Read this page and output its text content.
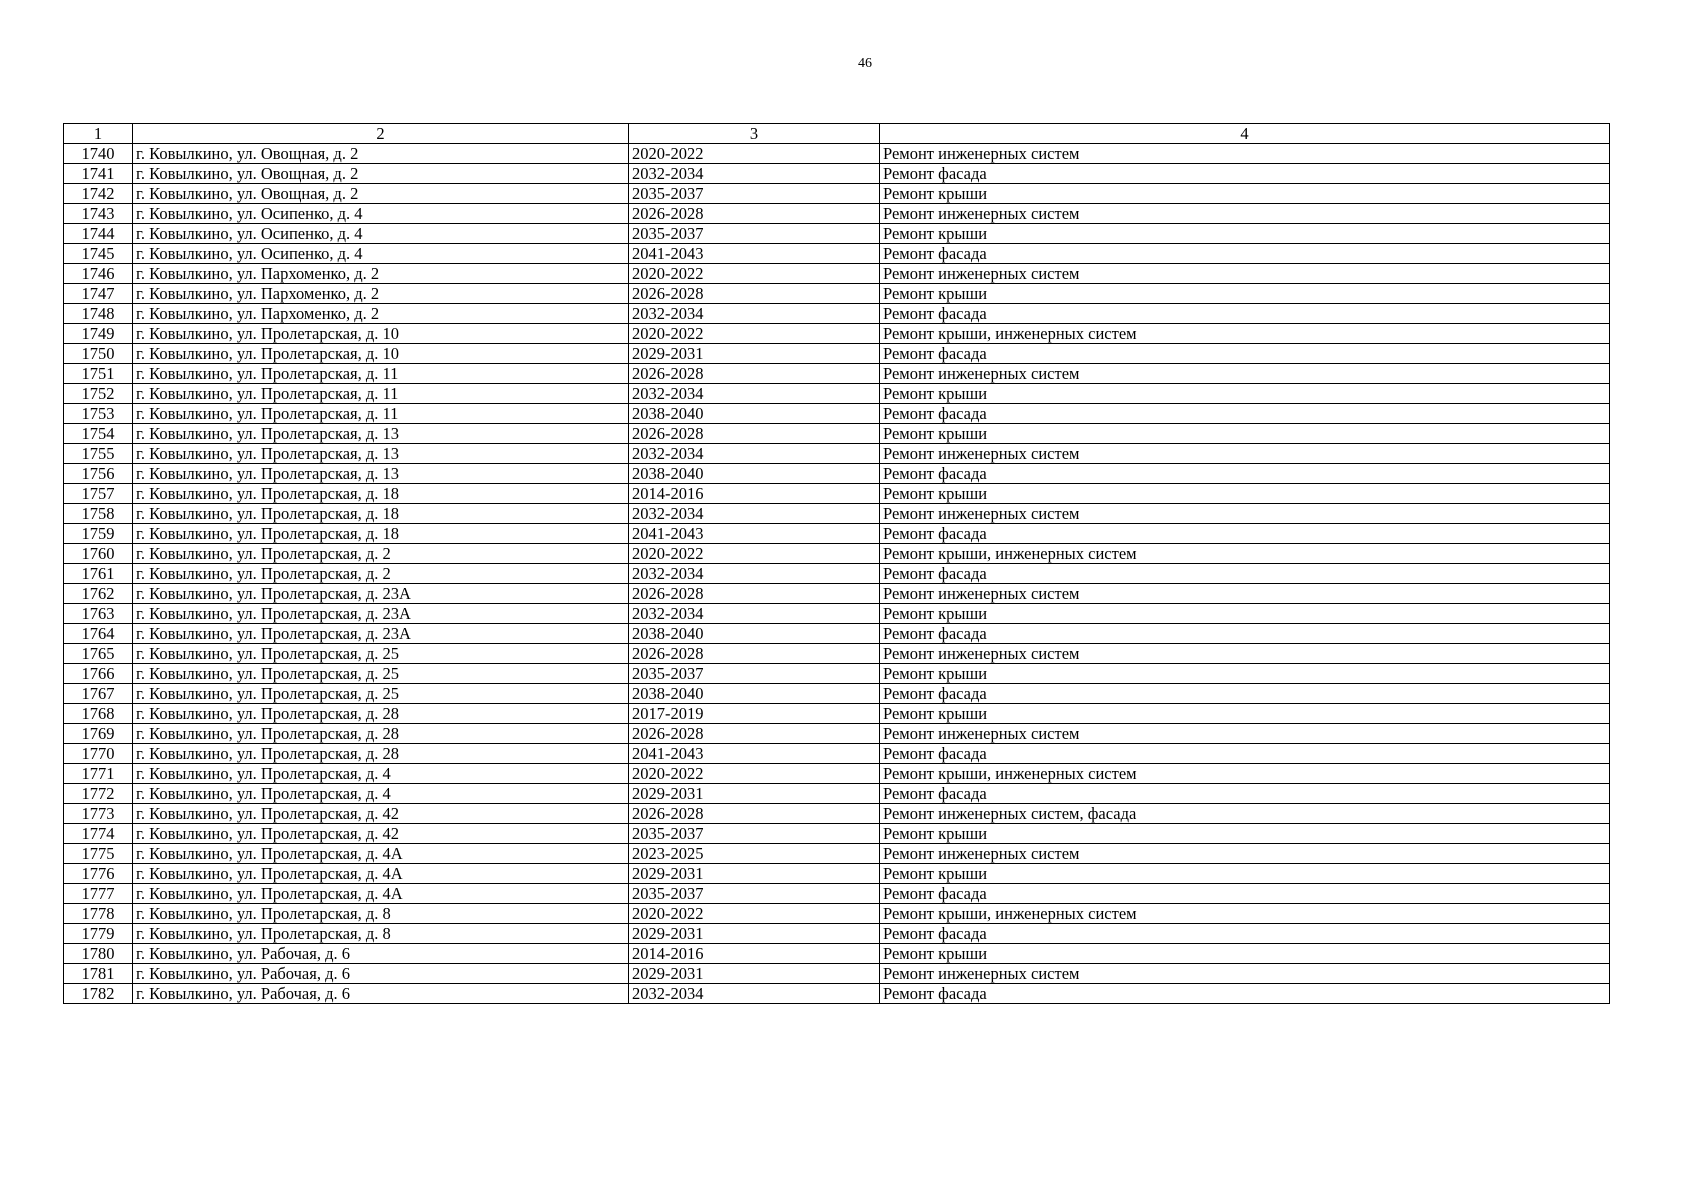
46
1	2	3	4
1740	г. Ковылкино, ул. Овощная, д. 2	2020-2022	Ремонт инженерных систем
1741	г. Ковылкино, ул. Овощная, д. 2	2032-2034	Ремонт фасада
1742	г. Ковылкино, ул. Овощная, д. 2	2035-2037	Ремонт крыши
1743	г. Ковылкино, ул. Осипенко, д. 4	2026-2028	Ремонт инженерных систем
1744	г. Ковылкино, ул. Осипенко, д. 4	2035-2037	Ремонт крыши
1745	г. Ковылкино, ул. Осипенко, д. 4	2041-2043	Ремонт фасада
1746	г. Ковылкино, ул. Пархоменко, д. 2	2020-2022	Ремонт инженерных систем
1747	г. Ковылкино, ул. Пархоменко, д. 2	2026-2028	Ремонт крыши
1748	г. Ковылкино, ул. Пархоменко, д. 2	2032-2034	Ремонт фасада
1749	г. Ковылкино, ул. Пролетарская, д. 10	2020-2022	Ремонт крыши, инженерных систем
1750	г. Ковылкино, ул. Пролетарская, д. 10	2029-2031	Ремонт фасада
1751	г. Ковылкино, ул. Пролетарская, д. 11	2026-2028	Ремонт инженерных систем
1752	г. Ковылкино, ул. Пролетарская, д. 11	2032-2034	Ремонт крыши
1753	г. Ковылкино, ул. Пролетарская, д. 11	2038-2040	Ремонт фасада
1754	г. Ковылкино, ул. Пролетарская, д. 13	2026-2028	Ремонт крыши
1755	г. Ковылкино, ул. Пролетарская, д. 13	2032-2034	Ремонт инженерных систем
1756	г. Ковылкино, ул. Пролетарская, д. 13	2038-2040	Ремонт фасада
1757	г. Ковылкино, ул. Пролетарская, д. 18	2014-2016	Ремонт крыши
1758	г. Ковылкино, ул. Пролетарская, д. 18	2032-2034	Ремонт инженерных систем
1759	г. Ковылкино, ул. Пролетарская, д. 18	2041-2043	Ремонт фасада
1760	г. Ковылкино, ул. Пролетарская, д. 2	2020-2022	Ремонт крыши, инженерных систем
1761	г. Ковылкино, ул. Пролетарская, д. 2	2032-2034	Ремонт фасада
1762	г. Ковылкино, ул. Пролетарская, д. 23А	2026-2028	Ремонт инженерных систем
1763	г. Ковылкино, ул. Пролетарская, д. 23А	2032-2034	Ремонт крыши
1764	г. Ковылкино, ул. Пролетарская, д. 23А	2038-2040	Ремонт фасада
1765	г. Ковылкино, ул. Пролетарская, д. 25	2026-2028	Ремонт инженерных систем
1766	г. Ковылкино, ул. Пролетарская, д. 25	2035-2037	Ремонт крыши
1767	г. Ковылкино, ул. Пролетарская, д. 25	2038-2040	Ремонт фасада
1768	г. Ковылкино, ул. Пролетарская, д. 28	2017-2019	Ремонт крыши
1769	г. Ковылкино, ул. Пролетарская, д. 28	2026-2028	Ремонт инженерных систем
1770	г. Ковылкино, ул. Пролетарская, д. 28	2041-2043	Ремонт фасада
1771	г. Ковылкино, ул. Пролетарская, д. 4	2020-2022	Ремонт крыши, инженерных систем
1772	г. Ковылкино, ул. Пролетарская, д. 4	2029-2031	Ремонт фасада
1773	г. Ковылкино, ул. Пролетарская, д. 42	2026-2028	Ремонт инженерных систем, фасада
1774	г. Ковылкино, ул. Пролетарская, д. 42	2035-2037	Ремонт крыши
1775	г. Ковылкино, ул. Пролетарская, д. 4А	2023-2025	Ремонт инженерных систем
1776	г. Ковылкино, ул. Пролетарская, д. 4А	2029-2031	Ремонт крыши
1777	г. Ковылкино, ул. Пролетарская, д. 4А	2035-2037	Ремонт фасада
1778	г. Ковылкино, ул. Пролетарская, д. 8	2020-2022	Ремонт крыши, инженерных систем
1779	г. Ковылкино, ул. Пролетарская, д. 8	2029-2031	Ремонт фасада
1780	г. Ковылкино, ул. Рабочая, д. 6	2014-2016	Ремонт крыши
1781	г. Ковылкино, ул. Рабочая, д. 6	2029-2031	Ремонт инженерных систем
1782	г. Ковылкино, ул. Рабочая, д. 6	2032-2034	Ремонт фасада
